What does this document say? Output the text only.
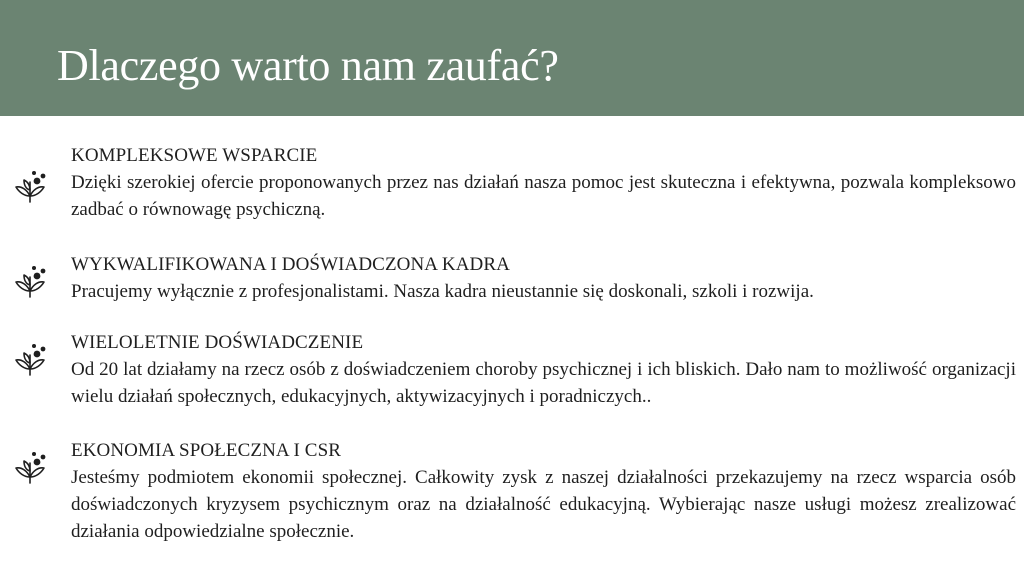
Dlaczego warto nam zaufać?
KOMPLEKSOWE WSPARCIE
Dzięki szerokiej ofercie proponowanych przez nas działań nasza pomoc jest skuteczna i efektywna, pozwala kompleksowo zadbać o równowagę psychiczną.
WYKWALIFIKOWANA I DOŚWIADCZONA KADRA
Pracujemy wyłącznie z profesjonalistami. Nasza kadra nieustannie się doskonali, szkoli i rozwija.
WIELOLETNIE DOŚWIADCZENIE
Od 20 lat działamy na rzecz osób z doświadczeniem choroby psychicznej i ich bliskich. Dało nam to możliwość organizacji wielu działań społecznych, edukacyjnych, aktywizacyjnych i poradniczych..
EKONOMIA SPOŁECZNA I CSR
Jesteśmy podmiotem ekonomii społecznej. Całkowity zysk z naszej działalności przekazujemy na rzecz wsparcia osób doświadczonych kryzysem psychicznym oraz na działalność edukacyjną. Wybierając nasze usługi możesz zrealizować działania odpowiedzialne społecznie.
